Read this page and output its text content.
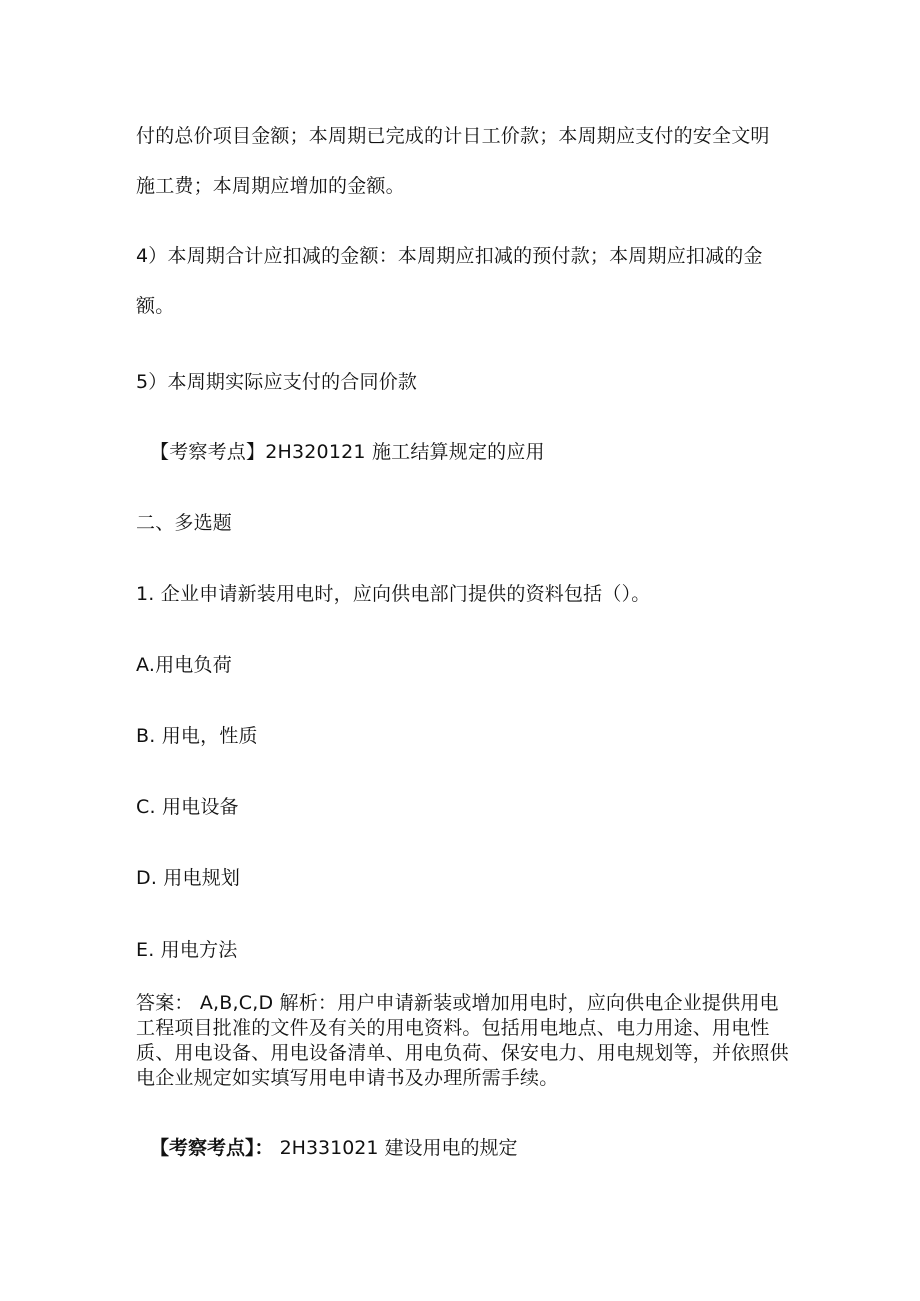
付的总价项目金额；本周期已完成的计日工价款；本周期应支付的安全文明
施工费；本周期应增加的金额。
4）本周期合计应扣减的金额：本周期应扣减的预付款；本周期应扣减的金
额。
5）本周期实际应支付的合同价款
【考察考点】2H320121 施工结算规定的应用
二、多选题
1. 企业申请新装用电时，应向供电部门提供的资料包括（）。
A.用电负荷
B. 用电，性质
C. 用电设备
D. 用电规划
E. 用电方法
答案： A,B,C,D 解析：用户申请新装或增加用电时，应向供电企业提供用电工程项目批准的文件及有关的用电资料。包括用电地点、电力用途、用电性质、用电设备、用电设备清单、用电负荷、保安电力、用电规划等，并依照供电企业规定如实填写用电申请书及办理所需手续。
【考察考点】： 2H331021 建设用电的规定
